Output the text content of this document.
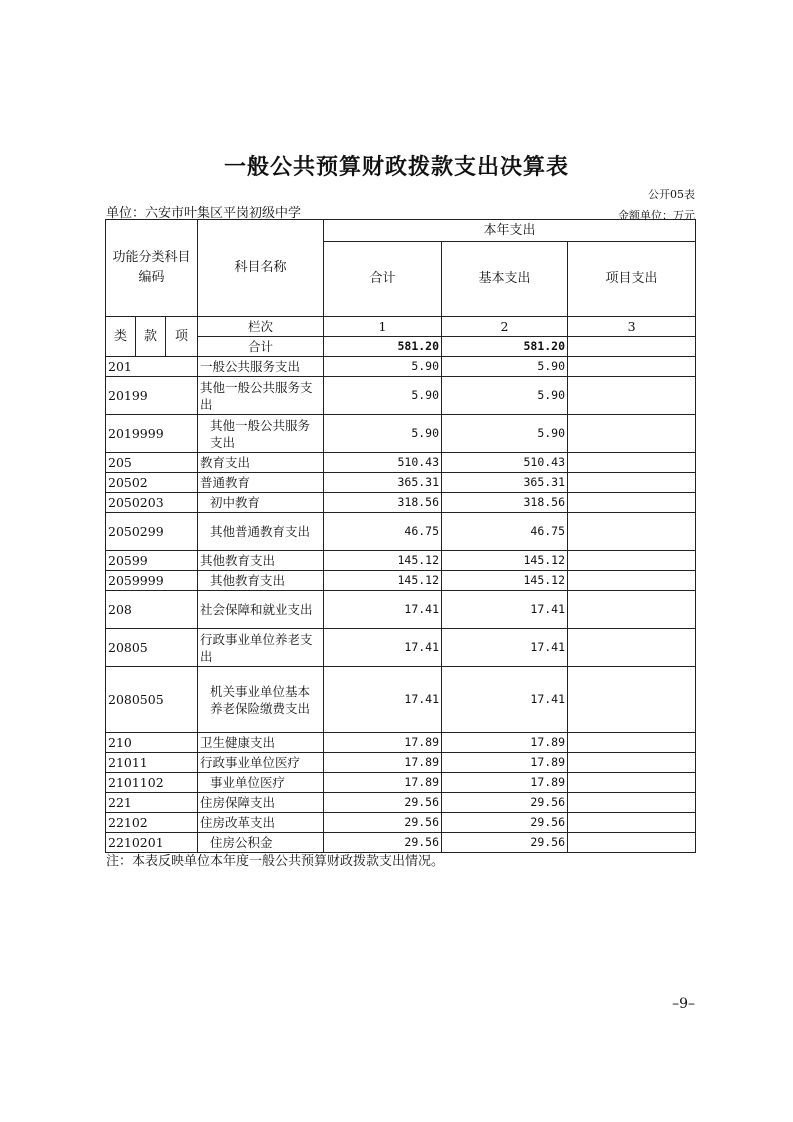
一般公共预算财政拨款支出决算表
公开05表
单位：六安市叶集区平岗初级中学	金额单位：万元
功能分类科目编码			科目名称	本年支出		
				合计	基本支出	项目支出
类	款	项	栏次	1	2	3
			合计	581.20	581.20	
201			一般公共服务支出	5.90	5.90	
20199			其他一般公共服务支出	5.90	5.90	
2019999			其他一般公共服务支出	5.90	5.90	
205			教育支出	510.43	510.43	
20502			普通教育	365.31	365.31	
2050203			初中教育	318.56	318.56	
2050299			其他普通教育支出	46.75	46.75	
20599			其他教育支出	145.12	145.12	
2059999			其他教育支出	145.12	145.12	
208			社会保障和就业支出	17.41	17.41	
20805			行政事业单位养老支出	17.41	17.41	
2080505			机关事业单位基本养老保险缴费支出	17.41	17.41	
210			卫生健康支出	17.89	17.89	
21011			行政事业单位医疗	17.89	17.89	
2101102			事业单位医疗	17.89	17.89	
221			住房保障支出	29.56	29.56	
22102			住房改革支出	29.56	29.56	
2210201			住房公积金	29.56	29.56	
注：本表反映单位本年度一般公共预算财政拨款支出情况。
–9–
